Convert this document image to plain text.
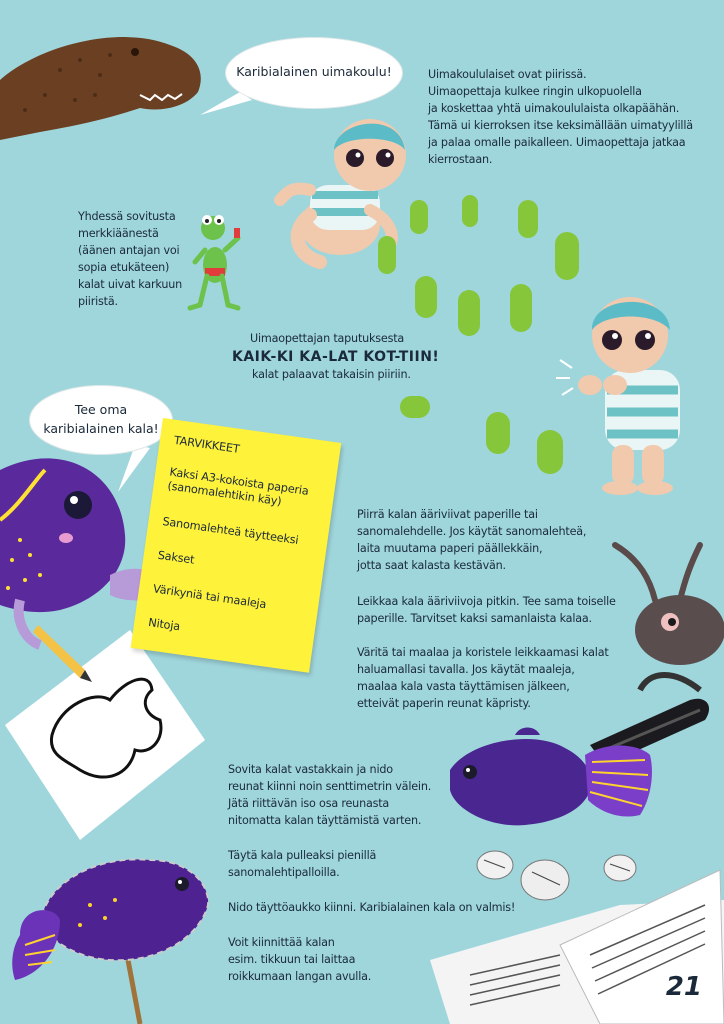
Karibialainen uimakoulu!	Uimakoululaiset ovat piirissä.
Uimaopettaja kulkee ringin ulkopuolella
ja koskettaa yhtä uimakoululaista olkapäähän.
Tämä ui kierroksen itse keksimällään uimatyylillä
ja palaa omalle paikalleen. Uimaopettaja jatkaa
kierrostaan.
Yhdessä sovitusta
merkkiäänestä
(äänen antajan voi
sopia etukäteen)
kalat uivat karkuun
piiristä.
Uimaopettajan taputuksesta
KAIK-KI KA-LAT KOT-TIIN!
kalat palaavat takaisin piiriin.
Tee oma
karibialainen kala!
TARVIKKEET
Kaksi A3-kokoista paperia
(sanomalehtikin käy)
Sanomalehteä täytteeksi
Sakset
Värikyniä tai maaleja
Nitoja
Piirrä kalan ääriviivat paperille tai
sanomalehdelle. Jos käytät sanomalehteä,
laita muutama paperi päällekkäin,
jotta saat kalasta kestävän.
Leikkaa kala ääriviivoja pitkin. Tee sama toiselle
paperille. Tarvitset kaksi samanlaista kalaa.
Väritä tai maalaa ja koristele leikkaamasi kalat
haluamallasi tavalla. Jos käytät maaleja,
maalaa kala vasta täyttämisen jälkeen,
etteivät paperin reunat käpristy.
Sovita kalat vastakkain ja nido
reunat kiinni noin senttimetrin välein.
Jätä riittävän iso osa reunasta
nitomatta kalan täyttämistä varten.
Täytä kala pulleaksi pienillä
sanomalehtipalloilla.
Nido täyttöaukko kiinni. Karibialainen kala on valmis!
Voit kiinnittää kalan
esim. tikkuun tai laittaa
roikkumaan langan avulla.	21
